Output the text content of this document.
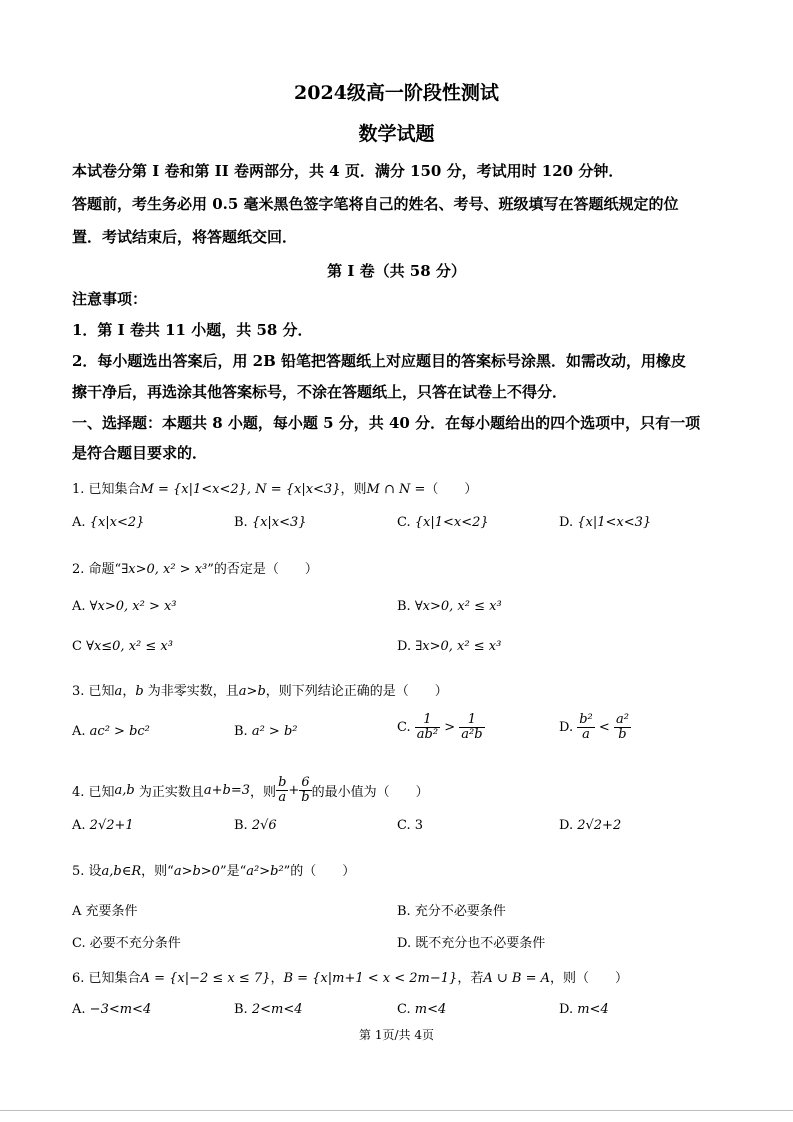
2024级高一阶段性测试
数学试题
本试卷分第 I 卷和第 II 卷两部分，共 4 页．满分 150 分，考试用时 120 分钟．
答题前，考生务必用 0.5 毫米黑色签字笔将自己的姓名、考号、班级填写在答题纸规定的位
置．考试结束后，将答题纸交回．
第 I 卷（共 58 分）
注意事项：
1．第 I 卷共 11 小题，共 58 分．
2．每小题选出答案后，用 2B 铅笔把答题纸上对应题目的答案标号涂黑．如需改动，用橡皮
擦干净后，再选涂其他答案标号，不涂在答题纸上，只答在试卷上不得分．
一、选择题：本题共 8 小题，每小题 5 分，共 40 分．在每小题给出的四个选项中，只有一项
是符合题目要求的．
1. 已知集合M = {x|1<x<2}, N = {x|x<3}，则M ∩ N =（　　）
A. {x|x<2}	B. {x|x<3}	C. {x|1<x<2}	D. {x|1<x<3}
2. 命题“∃x>0, x² > x³”的否定是（　　）
A. ∀x>0, x² > x³	B. ∀x>0, x² ≤ x³
C ∀x≤0, x² ≤ x³	D. ∃x>0, x² ≤ x³
3. 已知a，b 为非零实数，且a>b，则下列结论正确的是（　　）
A. ac² > bc²	B. a² > b²	C. $\frac{1}{\text{ab²}} > \frac{1}{\text{a²b}}$	D. $\frac{\text{b²}}{a} < \frac{\text{a²}}{b}$
4. 已知a,b 为正实数且a+b=3，则 $\frac{b}{a} + \frac{6}{b}$ 的最小值为（　　）
A. 2√2+1	B. 2√6	C. 3	D. 2√2+2
5. 设a,b∈R，则“a>b>0”是“a²>b²”的（　　）
A 充要条件	B. 充分不必要条件
C. 必要不充分条件	D. 既不充分也不必要条件
6. 已知集合A = {x|−2 ≤ x ≤ 7}，B = {x|m+1 < x < 2m−1}，若A ∪ B = A，则（　　）
A. −3<m<4	B. 2<m<4	C. m<4	D. m<4
第 1页/共 4页
